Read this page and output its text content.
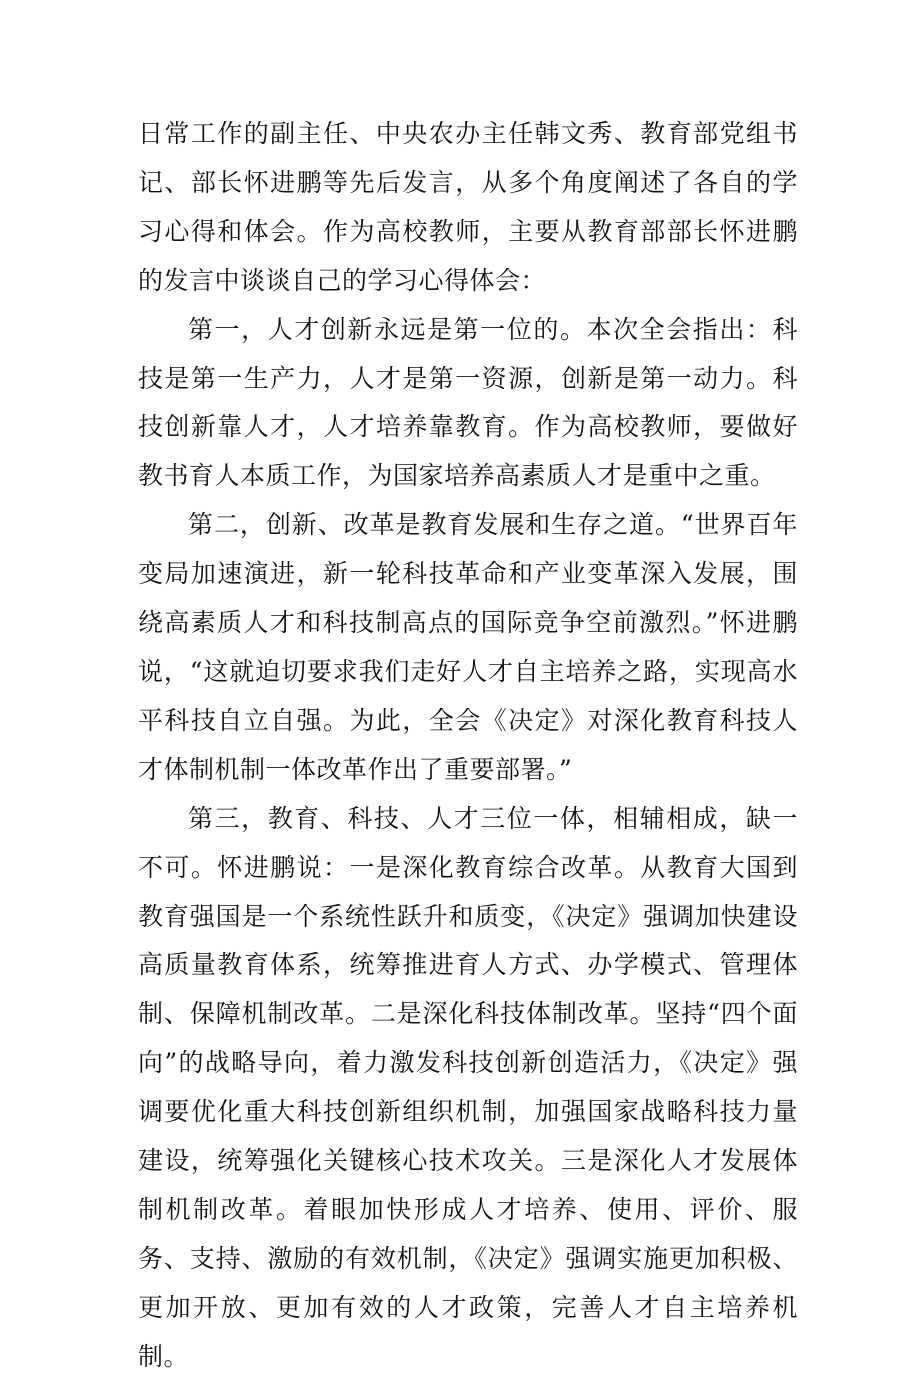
日常工作的副主任、中央农办主任韩文秀、教育部党组书记、部长怀进鹏等先后发言，从多个角度阐述了各自的学习心得和体会。作为高校教师，主要从教育部部长怀进鹏的发言中谈谈自己的学习心得体会：

第一，人才创新永远是第一位的。本次全会指出：科技是第一生产力，人才是第一资源，创新是第一动力。科技创新靠人才，人才培养靠教育。作为高校教师，要做好教书育人本质工作，为国家培养高素质人才是重中之重。

第二，创新、改革是教育发展和生存之道。“世界百年变局加速演进，新一轮科技革命和产业变革深入发展，围绕高素质人才和科技制高点的国际竞争空前激烈。”怀进鹏说，“这就迫切要求我们走好人才自主培养之路，实现高水平科技自立自强。为此，全会《决定》对深化教育科技人才体制机制一体改革作出了重要部署。”

第三，教育、科技、人才三位一体，相辅相成，缺一不可。怀进鹏说：一是深化教育综合改革。从教育大国到教育强国是一个系统性跃升和质变，《决定》强调加快建设高质量教育体系，统筹推进育人方式、办学模式、管理体制、保障机制改革。二是深化科技体制改革。坚持“四个面向”的战略导向，着力激发科技创新创造活力，《决定》强调要优化重大科技创新组织机制，加强国家战略科技力量建设，统筹强化关键核心技术攻关。三是深化人才发展体制机制改革。着眼加快形成人才培养、使用、评价、服务、支持、激励的有效机制，《决定》强调实施更加积极、更加开放、更加有效的人才政策，完善人才自主培养机制。
